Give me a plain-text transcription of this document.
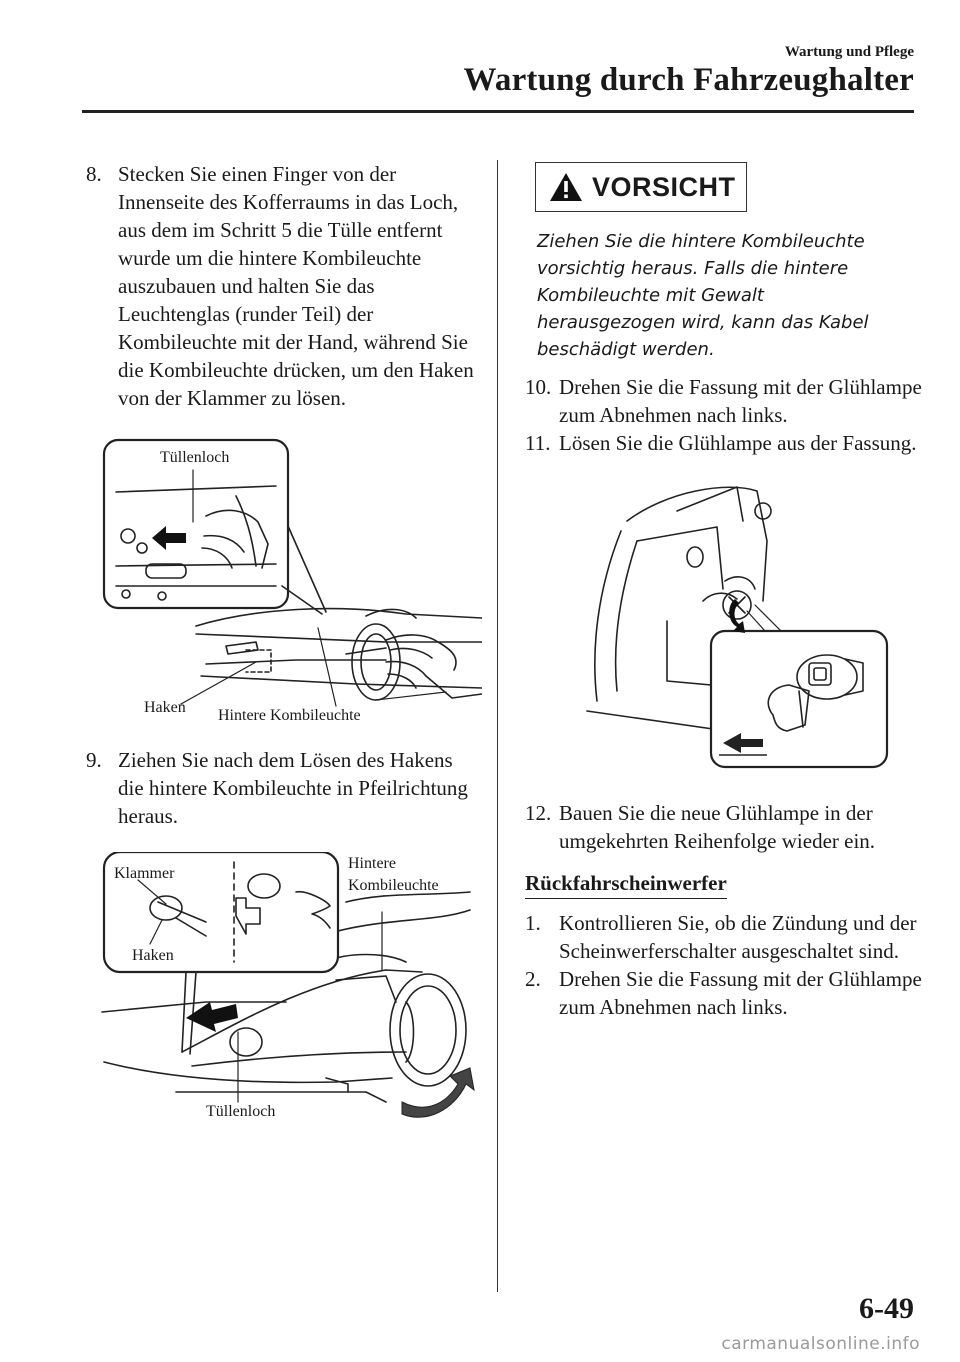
Wartung und Pflege
Wartung durch Fahrzeughalter
8. Stecken Sie einen Finger von der Innenseite des Kofferraums in das Loch, aus dem im Schritt 5 die Tülle entfernt wurde um die hintere Kombileuchte auszubauen und halten Sie das Leuchtenglas (runder Teil) der Kombileuchte mit der Hand, während Sie die Kombileuchte drücken, um den Haken von der Klammer zu lösen.
Tüllenloch
Haken Hintere Kombileuchte
9. Ziehen Sie nach dem Lösen des Hakens die hintere Kombileuchte in Pfeilrichtung heraus.
Klammer
Haken
Hintere
Kombileuchte
Tüllenloch
VORSICHT
Ziehen Sie die hintere Kombileuchte vorsichtig heraus. Falls die hintere Kombileuchte mit Gewalt herausgezogen wird, kann das Kabel beschädigt werden.
10. Drehen Sie die Fassung mit der Glühlampe zum Abnehmen nach links.
11. Lösen Sie die Glühlampe aus der Fassung.
12. Bauen Sie die neue Glühlampe in der umgekehrten Reihenfolge wieder ein.
Rückfahrscheinwerfer
1. Kontrollieren Sie, ob die Zündung und der Scheinwerferschalter ausgeschaltet sind.
2. Drehen Sie die Fassung mit der Glühlampe zum Abnehmen nach links.
6-49
carmanualsonline.info
